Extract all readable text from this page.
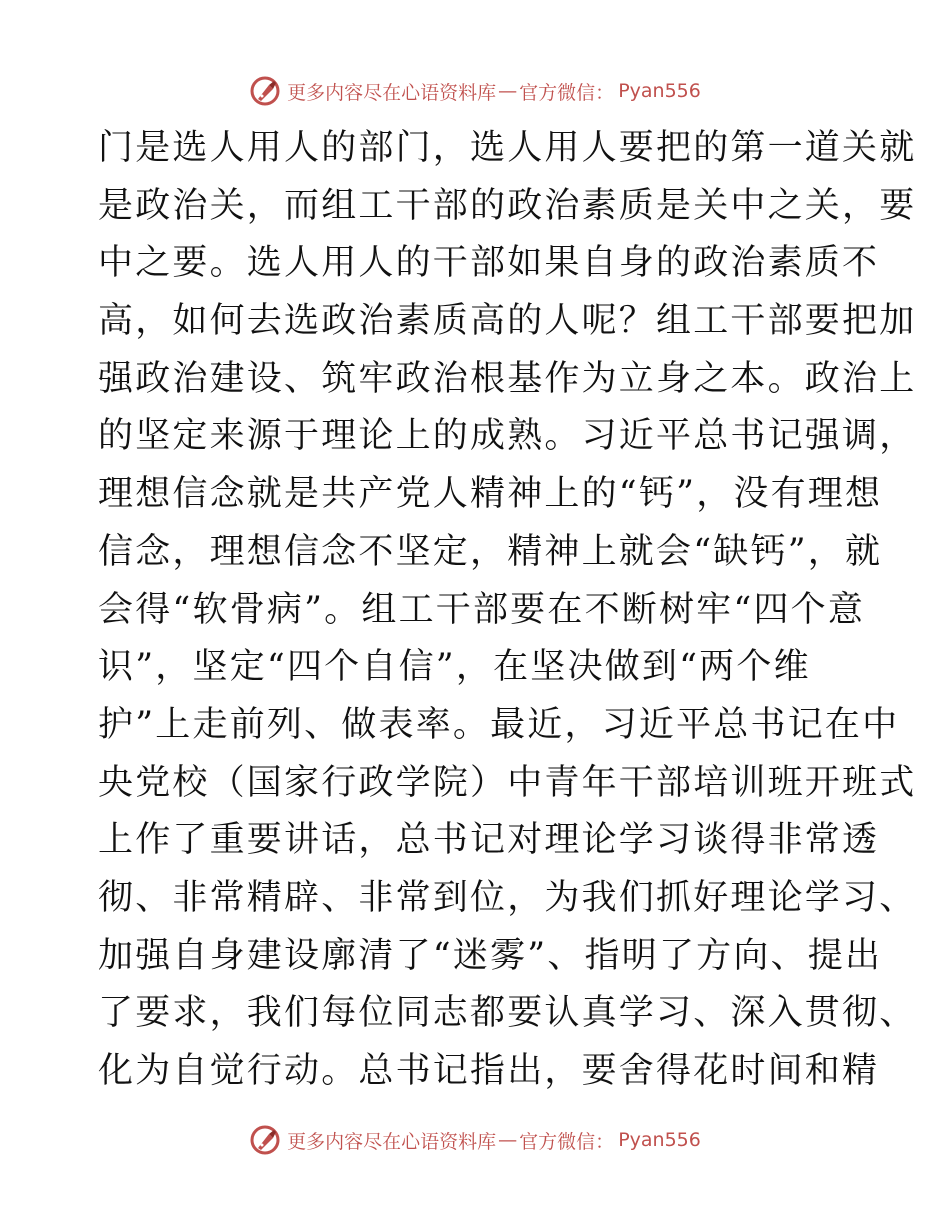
更多内容尽在心语资料库 — 官方微信： Pyan556
门是选人用人的部门，选人用人要把的第一道关就
是政治关，而组工干部的政治素质是关中之关，要
中之要。选人用人的干部如果自身的政治素质不
高，如何去选政治素质高的人呢？组工干部要把加
强政治建设、筑牢政治根基作为立身之本。政治上
的坚定来源于理论上的成熟。习近平总书记强调，
理想信念就是共产党人精神上的“钙”，没有理想
信念，理想信念不坚定，精神上就会“缺钙”，就
会得“软骨病”。组工干部要在不断树牢“四个意
识”，坚定“四个自信”，在坚决做到“两个维
护”上走前列、做表率。最近，习近平总书记在中
央党校（国家行政学院）中青年干部培训班开班式
上作了重要讲话，总书记对理论学习谈得非常透
彻、非常精辟、非常到位，为我们抓好理论学习、
加强自身建设廓清了“迷雾”、指明了方向、提出
了要求，我们每位同志都要认真学习、深入贯彻、
化为自觉行动。总书记指出，要舍得花时间和精
更多内容尽在心语资料库 — 官方微信： Pyan556
